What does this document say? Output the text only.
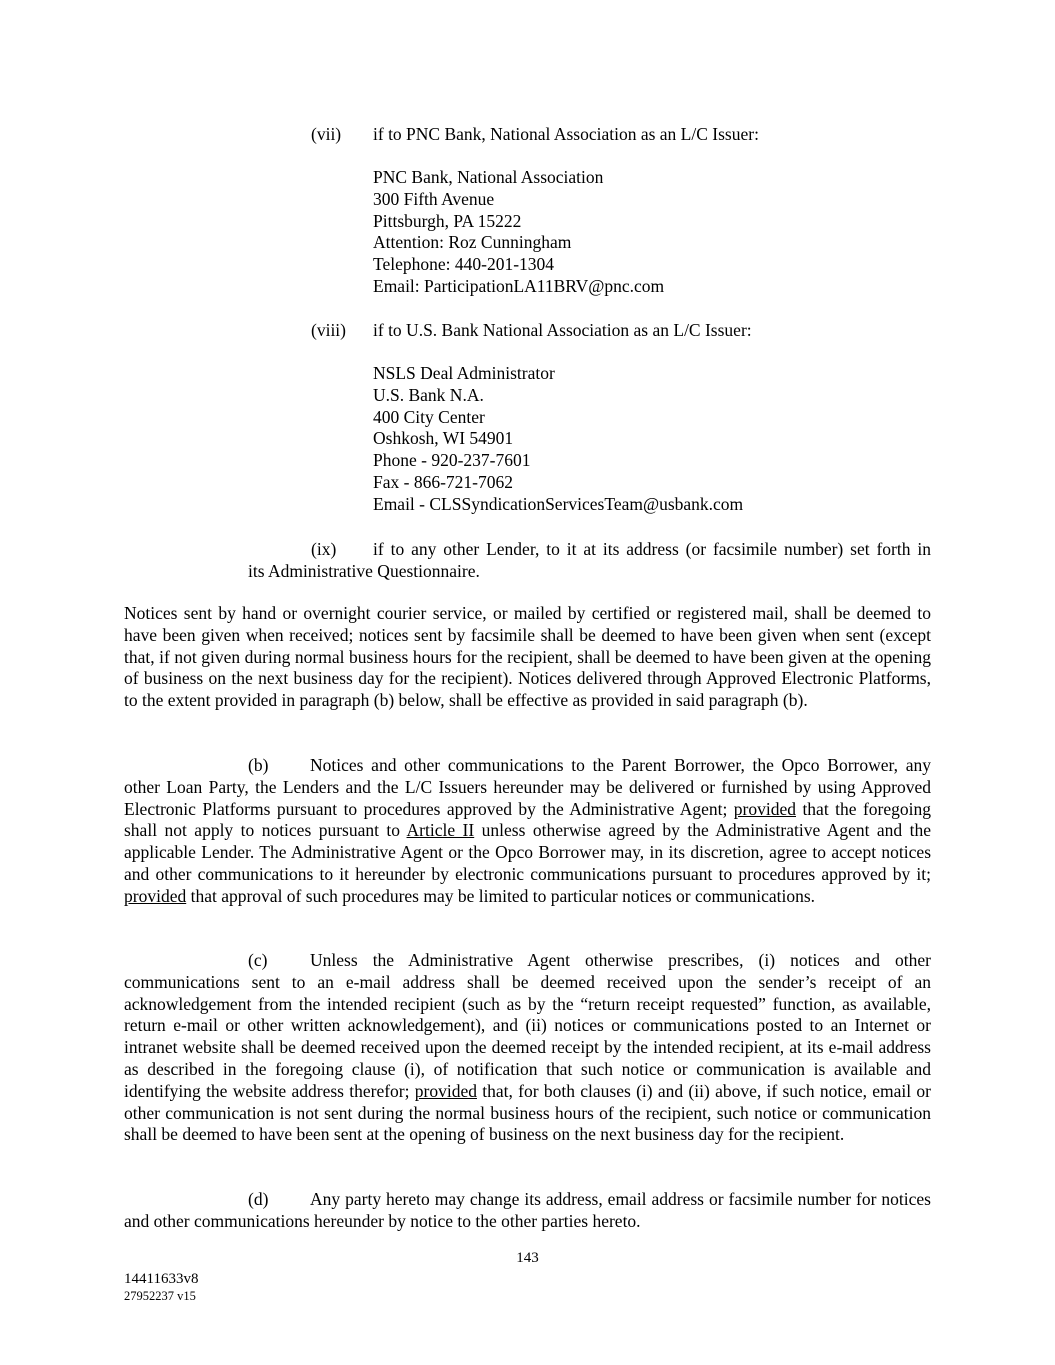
(vii) if to PNC Bank, National Association as an L/C Issuer:
PNC Bank, National Association
300 Fifth Avenue
Pittsburgh, PA 15222
Attention: Roz Cunningham
Telephone: 440-201-1304
Email: ParticipationLA11BRV@pnc.com
(viii) if to U.S. Bank National Association as an L/C Issuer:
NSLS Deal Administrator
U.S. Bank N.A.
400 City Center
Oshkosh, WI 54901
Phone - 920-237-7601
Fax - 866-721-7062
Email - CLSSyndicationServicesTeam@usbank.com
(ix) if to any other Lender, to it at its address (or facsimile number) set forth in
its Administrative Questionnaire.
Notices sent by hand or overnight courier service, or mailed by certified or registered mail, shall be deemed to have been given when received; notices sent by facsimile shall be deemed to have been given when sent (except that, if not given during normal business hours for the recipient, shall be deemed to have been given at the opening of business on the next business day for the recipient). Notices delivered through Approved Electronic Platforms, to the extent provided in paragraph (b) below, shall be effective as provided in said paragraph (b).
(b) Notices and other communications to the Parent Borrower, the Opco Borrower, any other Loan Party, the Lenders and the L/C Issuers hereunder may be delivered or furnished by using Approved Electronic Platforms pursuant to procedures approved by the Administrative Agent; provided that the foregoing shall not apply to notices pursuant to Article II unless otherwise agreed by the Administrative Agent and the applicable Lender. The Administrative Agent or the Opco Borrower may, in its discretion, agree to accept notices and other communications to it hereunder by electronic communications pursuant to procedures approved by it; provided that approval of such procedures may be limited to particular notices or communications.
(c) Unless the Administrative Agent otherwise prescribes, (i) notices and other communications sent to an e-mail address shall be deemed received upon the sender’s receipt of an acknowledgement from the intended recipient (such as by the “return receipt requested” function, as available, return e-mail or other written acknowledgement), and (ii) notices or communications posted to an Internet or intranet website shall be deemed received upon the deemed receipt by the intended recipient, at its e-mail address as described in the foregoing clause (i), of notification that such notice or communication is available and identifying the website address therefor; provided that, for both clauses (i) and (ii) above, if such notice, email or other communication is not sent during the normal business hours of the recipient, such notice or communication shall be deemed to have been sent at the opening of business on the next business day for the recipient.
(d) Any party hereto may change its address, email address or facsimile number for notices and other communications hereunder by notice to the other parties hereto.
143
14411633v8
27952237 v15
